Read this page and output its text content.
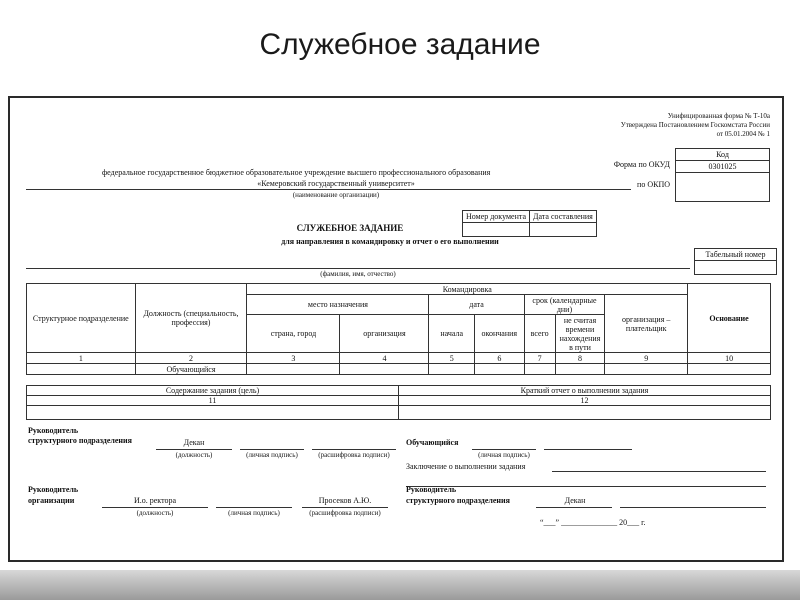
Служебное задание
Унифицированная форма № Т-10а
Утверждена Постановлением Госкомстата России
от 05.01.2004 № 1
Код
0301025
Форма по ОКУД
по ОКПО
федеральное государственное бюджетное образовательное учреждение высшего профессионального образования
«Кемеровский государственный университет»
(наименование организации)
Номер документа	Дата составления

СЛУЖЕБНОЕ ЗАДАНИЕ
для направления в командировку и отчет о его выполнении
Табельный номер

(фамилия, имя, отчество)
Структурное подразделение	Должность (специальность, профессия)	Командировка							Основание
		место назначения		дата		срок (календарные дни)		организация – плательщик	
		страна, город	организация	начала	окончания	всего	не считая времени нахождения в пути		
1	2	3	4	5	6	7	8	9	10
	Обучающийся								
Содержание задания (цель)	Краткий отчет о выполнении задания
11	12

Руководитель
структурного подразделения	Декан
(должность)	(личная подпись)	(расшифровка подписи)
Обучающийся
(личная подпись)
Заключение о выполнении задания
Руководитель
организации	И.о. ректора	Просеков А.Ю.
(должность)	(личная подпись)	(расшифровка подписи)
Руководитель
структурного подразделения	Декан
“___” ______________ 20___ г.
